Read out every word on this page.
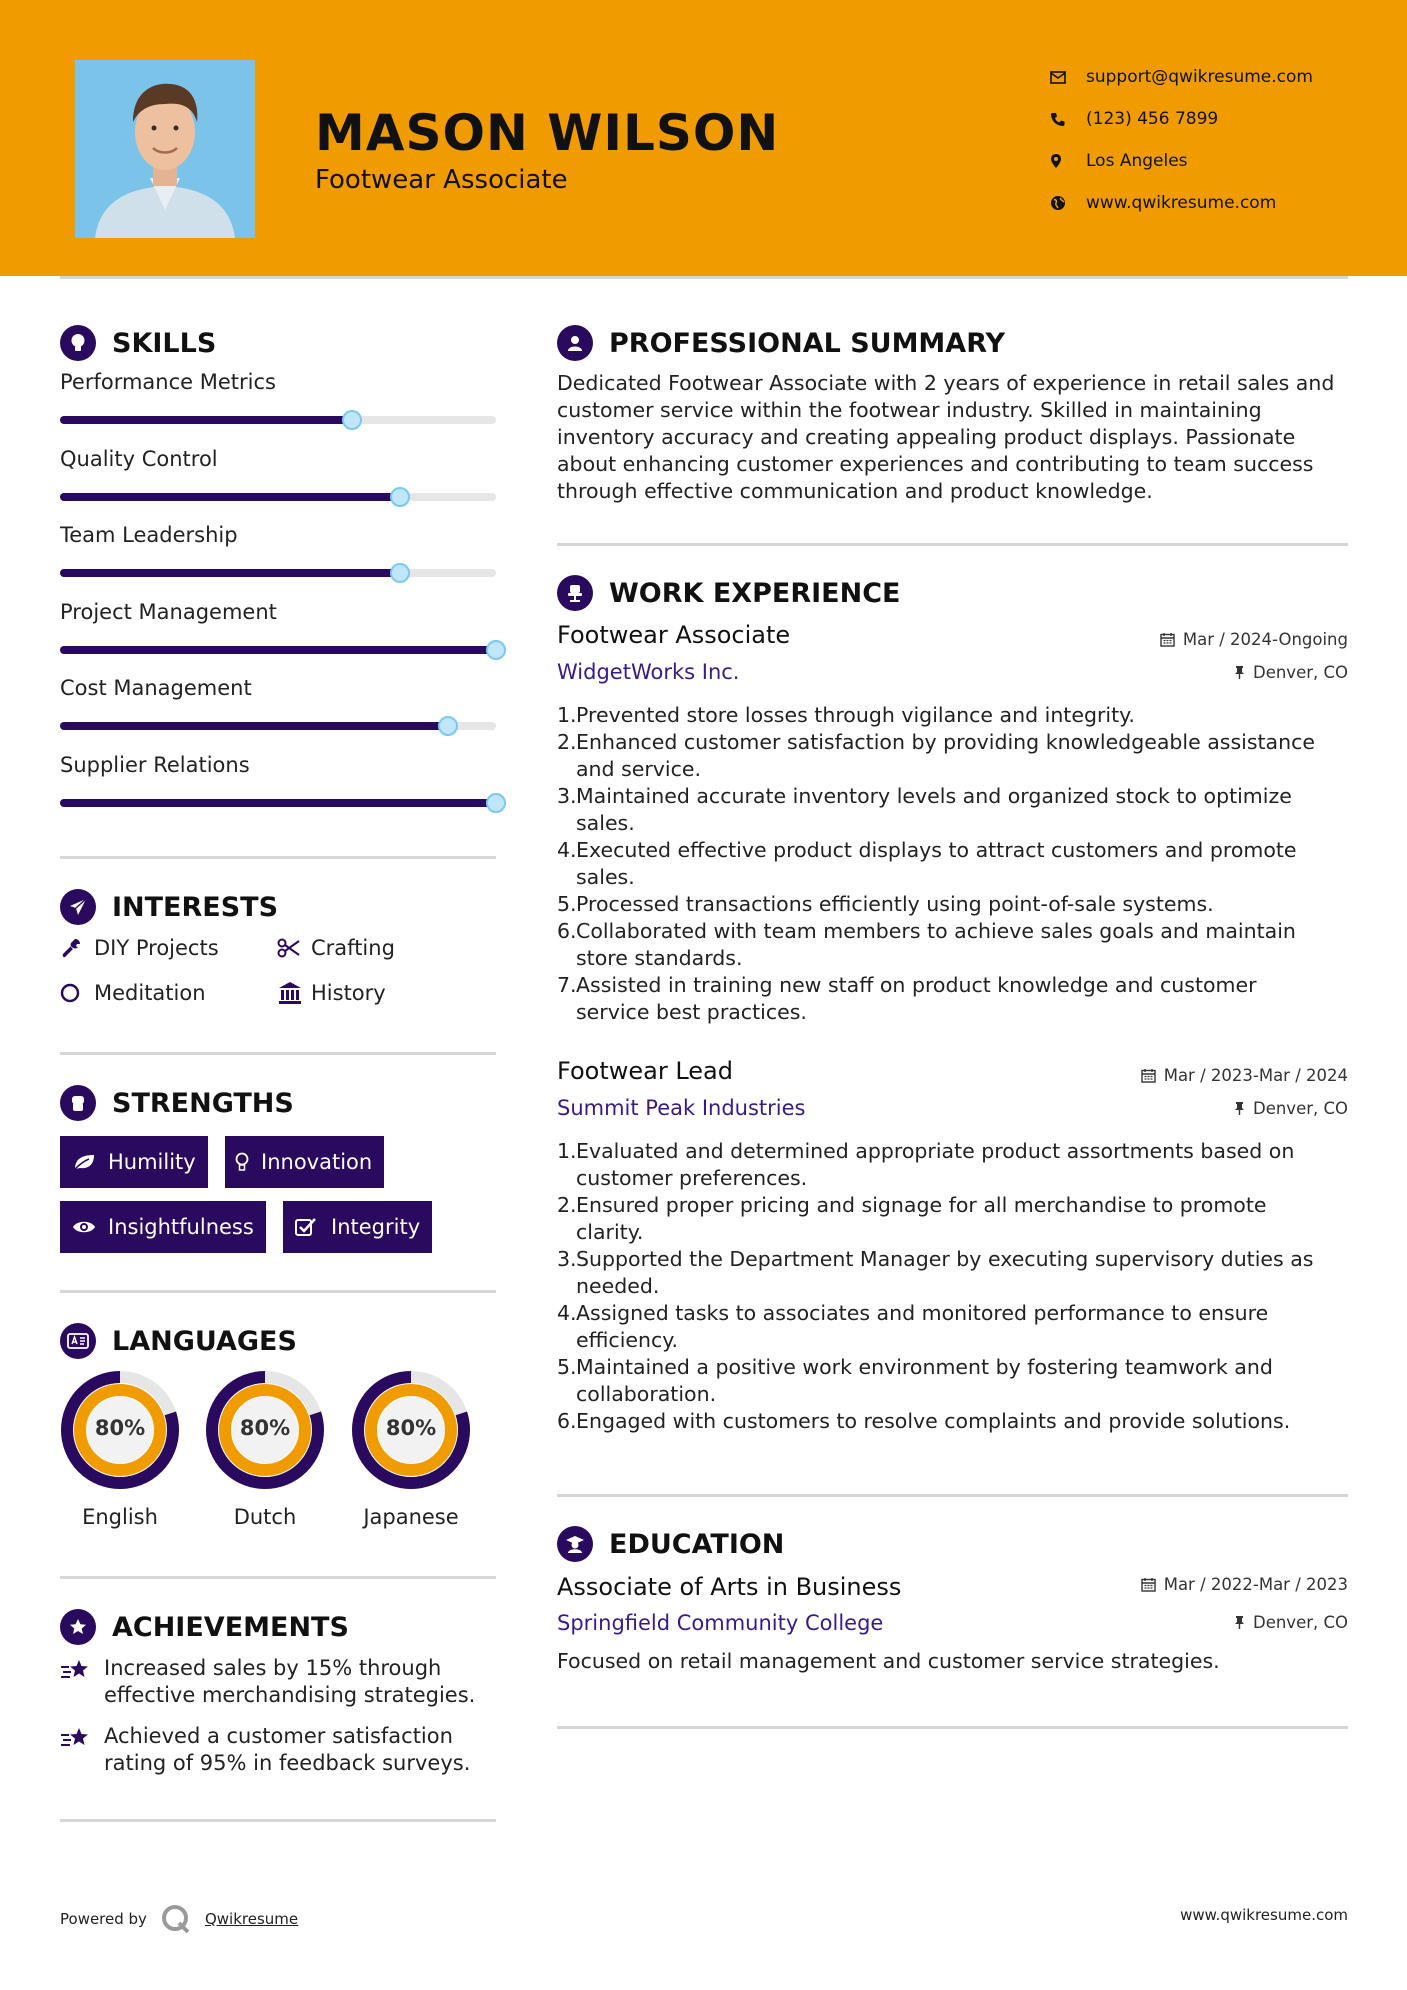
MASON WILSON
Footwear Associate
support@qwikresume.com
(123) 456 7899
Los Angeles
www.qwikresume.com
SKILLS
Performance Metrics
Quality Control
Team Leadership
Project Management
Cost Management
Supplier Relations
INTERESTS
DIY Projects	Crafting
Meditation	History
STRENGTHS
Humility	Innovation
Insightfulness	Integrity
LANGUAGES
80%
English
80%
Dutch
80%
Japanese
ACHIEVEMENTS
Increased sales by 15% through
effective merchandising strategies.
Achieved a customer satisfaction
rating of 95% in feedback surveys.
PROFESSIONAL SUMMARY
Dedicated Footwear Associate with 2 years of experience in retail sales and
customer service within the footwear industry. Skilled in maintaining
inventory accuracy and creating appealing product displays. Passionate
about enhancing customer experiences and contributing to team success
through effective communication and product knowledge.
WORK EXPERIENCE
Footwear Associate	Mar / 2024-Ongoing
WidgetWorks Inc.	Denver, CO
1. Prevented store losses through vigilance and integrity.
2. Enhanced customer satisfaction by providing knowledgeable assistance
and service.
3. Maintained accurate inventory levels and organized stock to optimize
sales.
4. Executed effective product displays to attract customers and promote
sales.
5. Processed transactions efficiently using point-of-sale systems.
6. Collaborated with team members to achieve sales goals and maintain
store standards.
7. Assisted in training new staff on product knowledge and customer
service best practices.
Footwear Lead	Mar / 2023-Mar / 2024
Summit Peak Industries	Denver, CO
1. Evaluated and determined appropriate product assortments based on
customer preferences.
2. Ensured proper pricing and signage for all merchandise to promote
clarity.
3. Supported the Department Manager by executing supervisory duties as
needed.
4. Assigned tasks to associates and monitored performance to ensure
efficiency.
5. Maintained a positive work environment by fostering teamwork and
collaboration.
6. Engaged with customers to resolve complaints and provide solutions.
EDUCATION
Associate of Arts in Business	Mar / 2022-Mar / 2023
Springfield Community College	Denver, CO
Focused on retail management and customer service strategies.
Powered by	Qwikresume	www.qwikresume.com
